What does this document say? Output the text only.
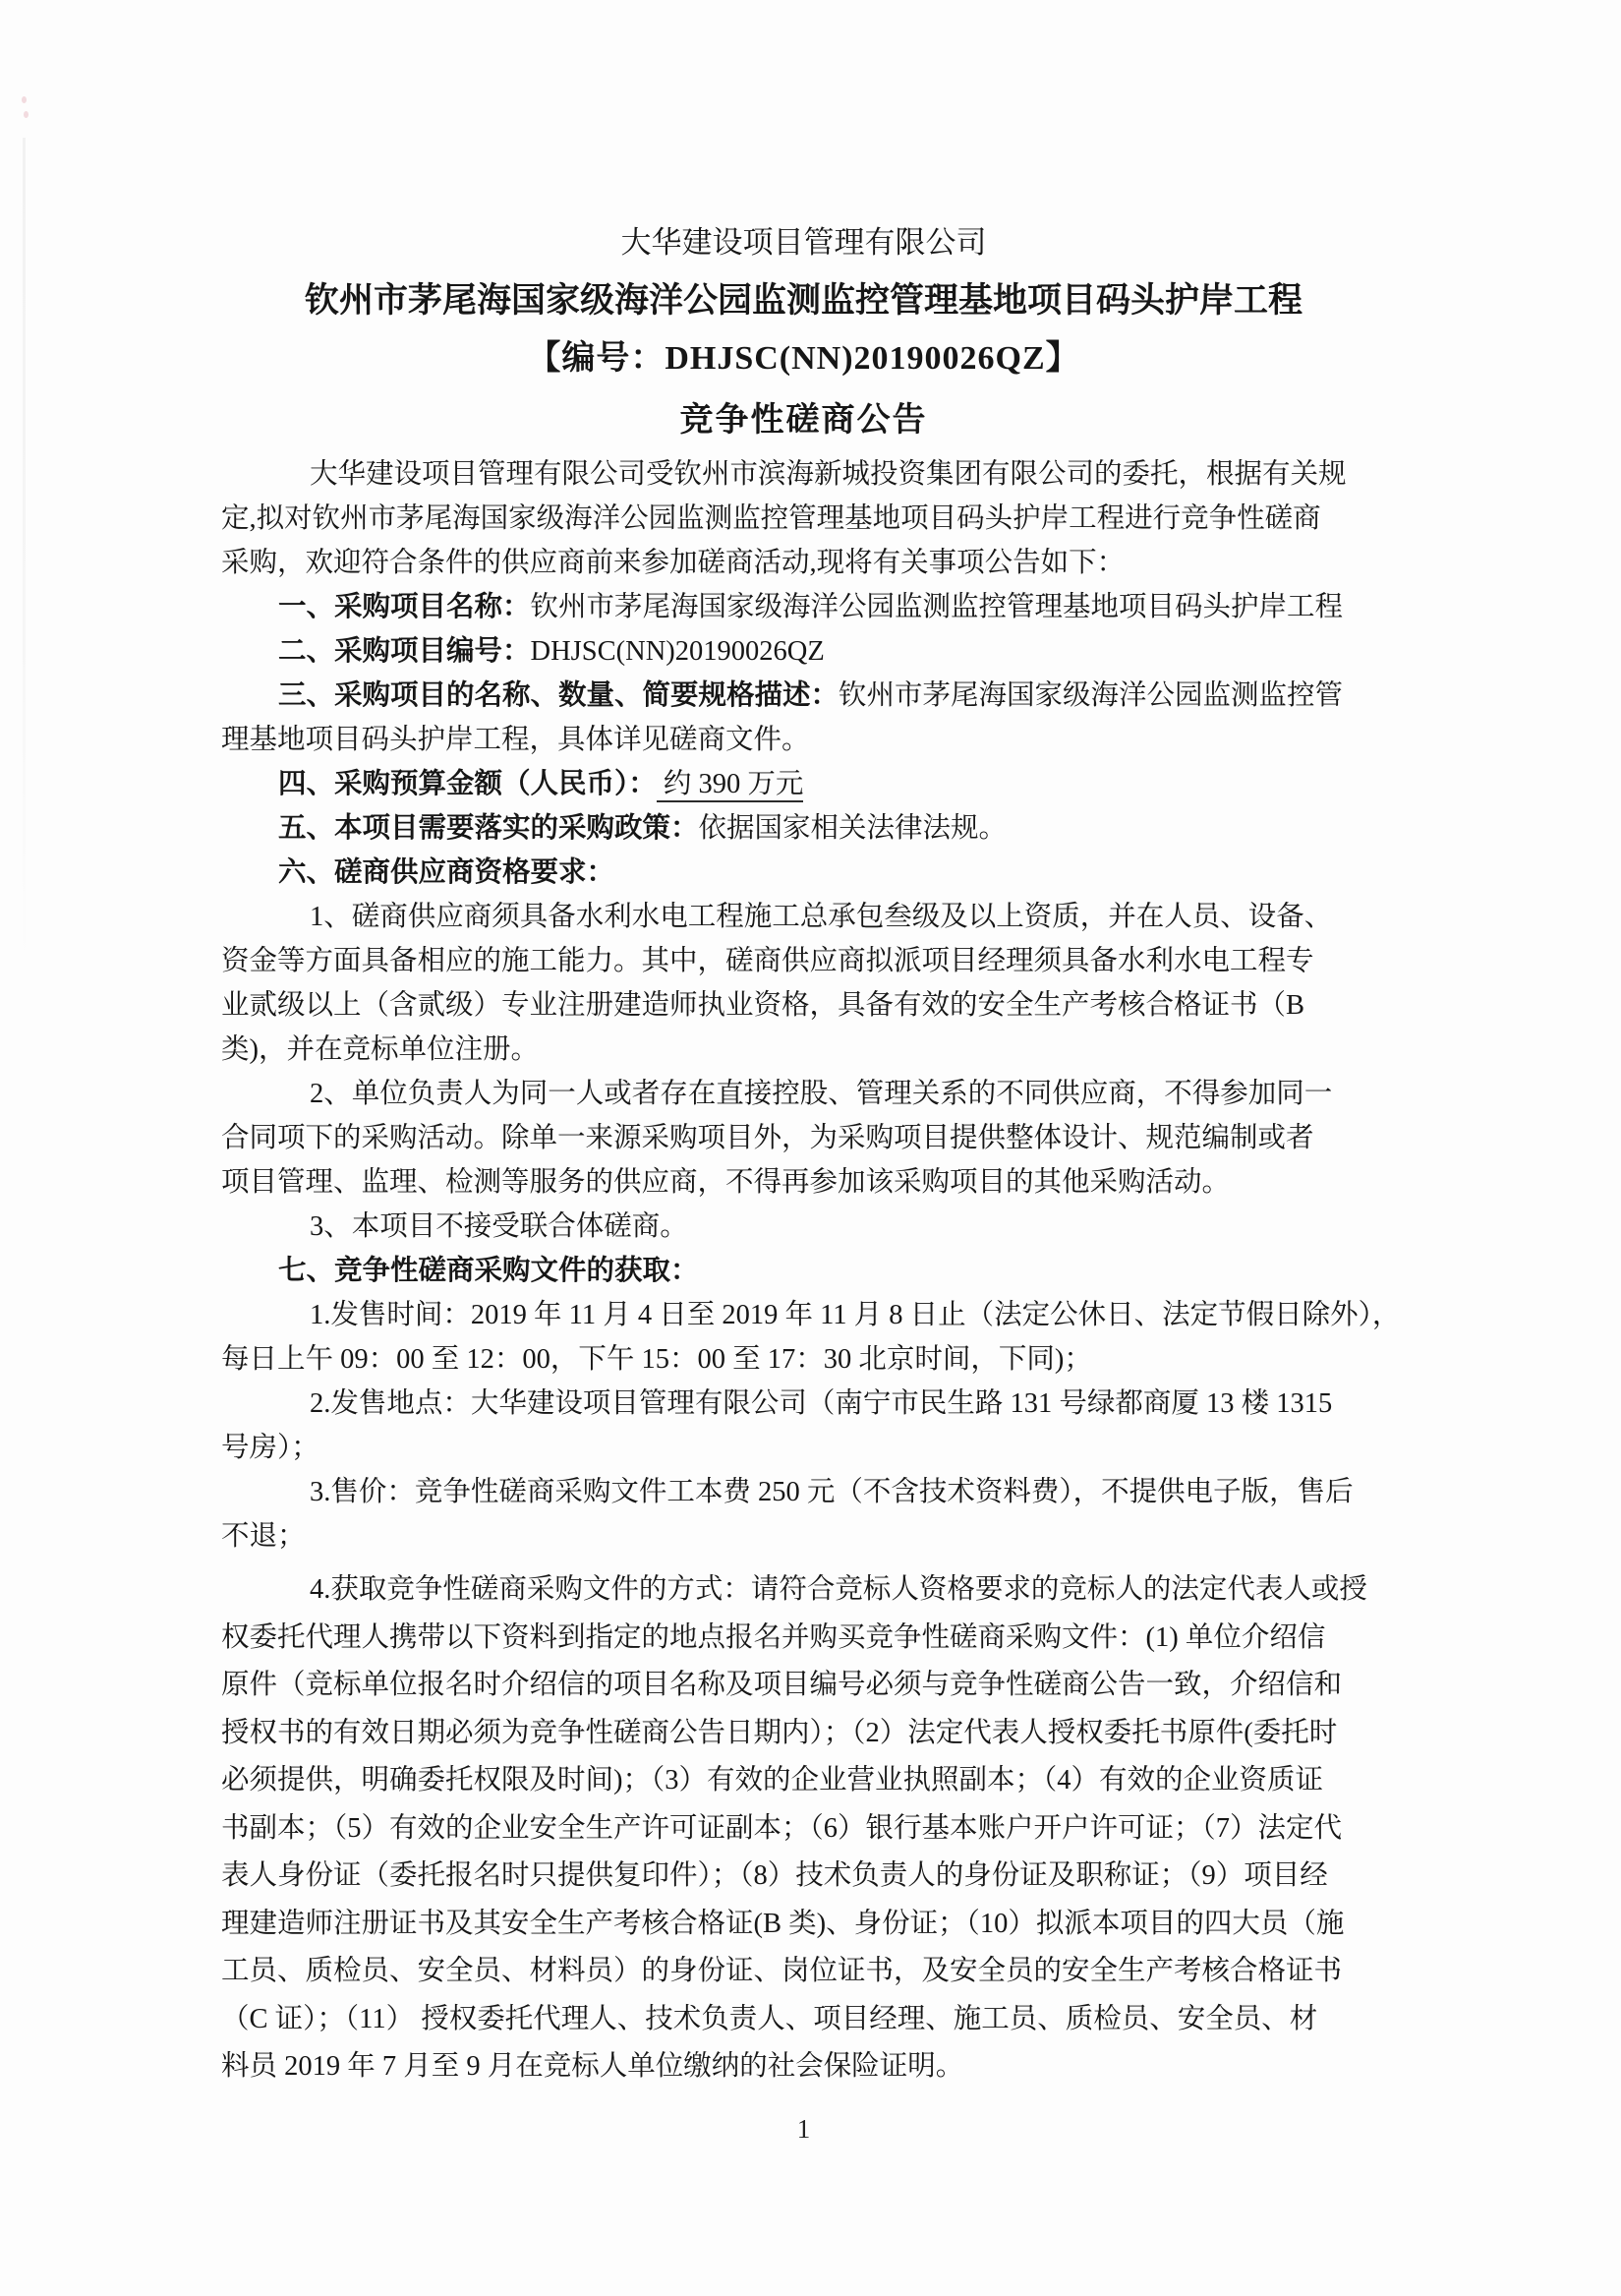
大华建设项目管理有限公司
钦州市茅尾海国家级海洋公园监测监控管理基地项目码头护岸工程
【编号：DHJSC(NN)20190026QZ】
竞争性磋商公告
大华建设项目管理有限公司受钦州市滨海新城投资集团有限公司的委托，根据有关规
定,拟对钦州市茅尾海国家级海洋公园监测监控管理基地项目码头护岸工程进行竞争性磋商
采购，欢迎符合条件的供应商前来参加磋商活动,现将有关事项公告如下：
一、采购项目名称：钦州市茅尾海国家级海洋公园监测监控管理基地项目码头护岸工程
二、采购项目编号：DHJSC(NN)20190026QZ
三、采购项目的名称、数量、简要规格描述：钦州市茅尾海国家级海洋公园监测监控管
理基地项目码头护岸工程，具体详见磋商文件。
四、采购预算金额（人民币）： 约 390 万元
五、本项目需要落实的采购政策：依据国家相关法律法规。
六、磋商供应商资格要求：
1、磋商供应商须具备水利水电工程施工总承包叁级及以上资质，并在人员、设备、
资金等方面具备相应的施工能力。其中，磋商供应商拟派项目经理须具备水利水电工程专
业贰级以上（含贰级）专业注册建造师执业资格，具备有效的安全生产考核合格证书（B
类)，并在竞标单位注册。
2、单位负责人为同一人或者存在直接控股、管理关系的不同供应商，不得参加同一
合同项下的采购活动。除单一来源采购项目外，为采购项目提供整体设计、规范编制或者
项目管理、监理、检测等服务的供应商，不得再参加该采购项目的其他采购活动。
3、本项目不接受联合体磋商。
七、竞争性磋商采购文件的获取：
1.发售时间：2019 年 11 月 4 日至 2019 年 11 月 8 日止（法定公休日、法定节假日除外），
每日上午 09：00 至 12：00，下午 15：00 至 17：30 北京时间，下同)；
2.发售地点：大华建设项目管理有限公司（南宁市民生路 131 号绿都商厦 13 楼 1315
号房）；
3.售价：竞争性磋商采购文件工本费 250 元（不含技术资料费），不提供电子版，售后
不退；
4.获取竞争性磋商采购文件的方式：请符合竞标人资格要求的竞标人的法定代表人或授
权委托代理人携带以下资料到指定的地点报名并购买竞争性磋商采购文件：(1) 单位介绍信
原件（竞标单位报名时介绍信的项目名称及项目编号必须与竞争性磋商公告一致，介绍信和
授权书的有效日期必须为竞争性磋商公告日期内）；（2）法定代表人授权委托书原件(委托时
必须提供，明确委托权限及时间)；（3）有效的企业营业执照副本；（4）有效的企业资质证
书副本；（5）有效的企业安全生产许可证副本；（6）银行基本账户开户许可证；（7）法定代
表人身份证（委托报名时只提供复印件）；（8）技术负责人的身份证及职称证；（9）项目经
理建造师注册证书及其安全生产考核合格证(B 类)、身份证；（10）拟派本项目的四大员（施
工员、质检员、安全员、材料员）的身份证、岗位证书，及安全员的安全生产考核合格证书
（C 证）；（11） 授权委托代理人、技术负责人、项目经理、施工员、质检员、安全员、材
料员 2019 年 7 月至 9 月在竞标人单位缴纳的社会保险证明。
1
